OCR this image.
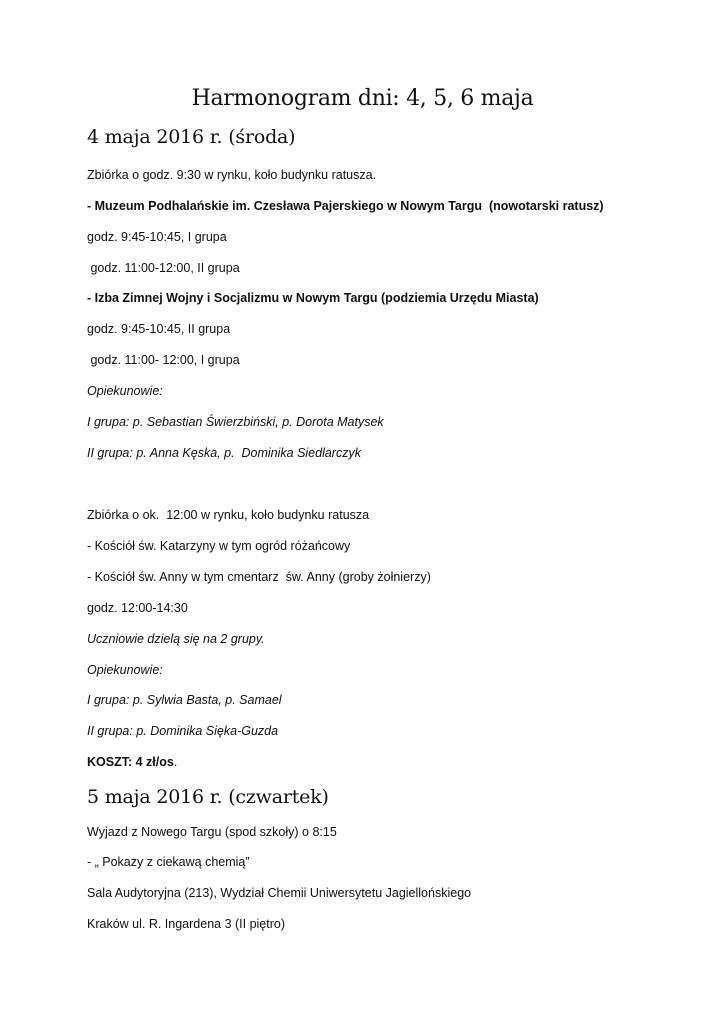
Harmonogram dni: 4, 5, 6 maja
4 maja 2016 r. (środa)

Zbiórka o godz. 9:30 w rynku, koło budynku ratusza.

- Muzeum Podhalańskie im. Czesława Pajerskiego w Nowym Targu  (nowotarski ratusz)

godz. 9:45-10:45, I grupa

godz. 11:00-12:00, II grupa

- Izba Zimnej Wojny i Socjalizmu w Nowym Targu (podziemia Urzędu Miasta)

godz. 9:45-10:45, II grupa

godz. 11:00- 12:00, I grupa

Opiekunowie:

I grupa: p. Sebastian Świerzbiński, p. Dorota Matysek

II grupa: p. Anna Kęska, p.  Dominika Siedlarczyk

Zbiórka o ok.  12:00 w rynku, koło budynku ratusza

- Kościół św. Katarzyny w tym ogród różańcowy

- Kościół św. Anny w tym cmentarz  św. Anny (groby żołnierzy)

godz. 12:00-14:30

Uczniowie dzielą się na 2 grupy.

Opiekunowie:

I grupa: p. Sylwia Basta, p. Samael

II grupa: p. Dominika Sięka-Guzda

KOSZT: 4 zł/os.

5 maja 2016 r. (czwartek)

Wyjazd z Nowego Targu (spod szkoły) o 8:15

- „ Pokazy z ciekawą chemią”

Sala Audytoryjna (213), Wydział Chemii Uniwersytetu Jagiellońskiego

Kraków ul. R. Ingardena 3 (II piętro)
